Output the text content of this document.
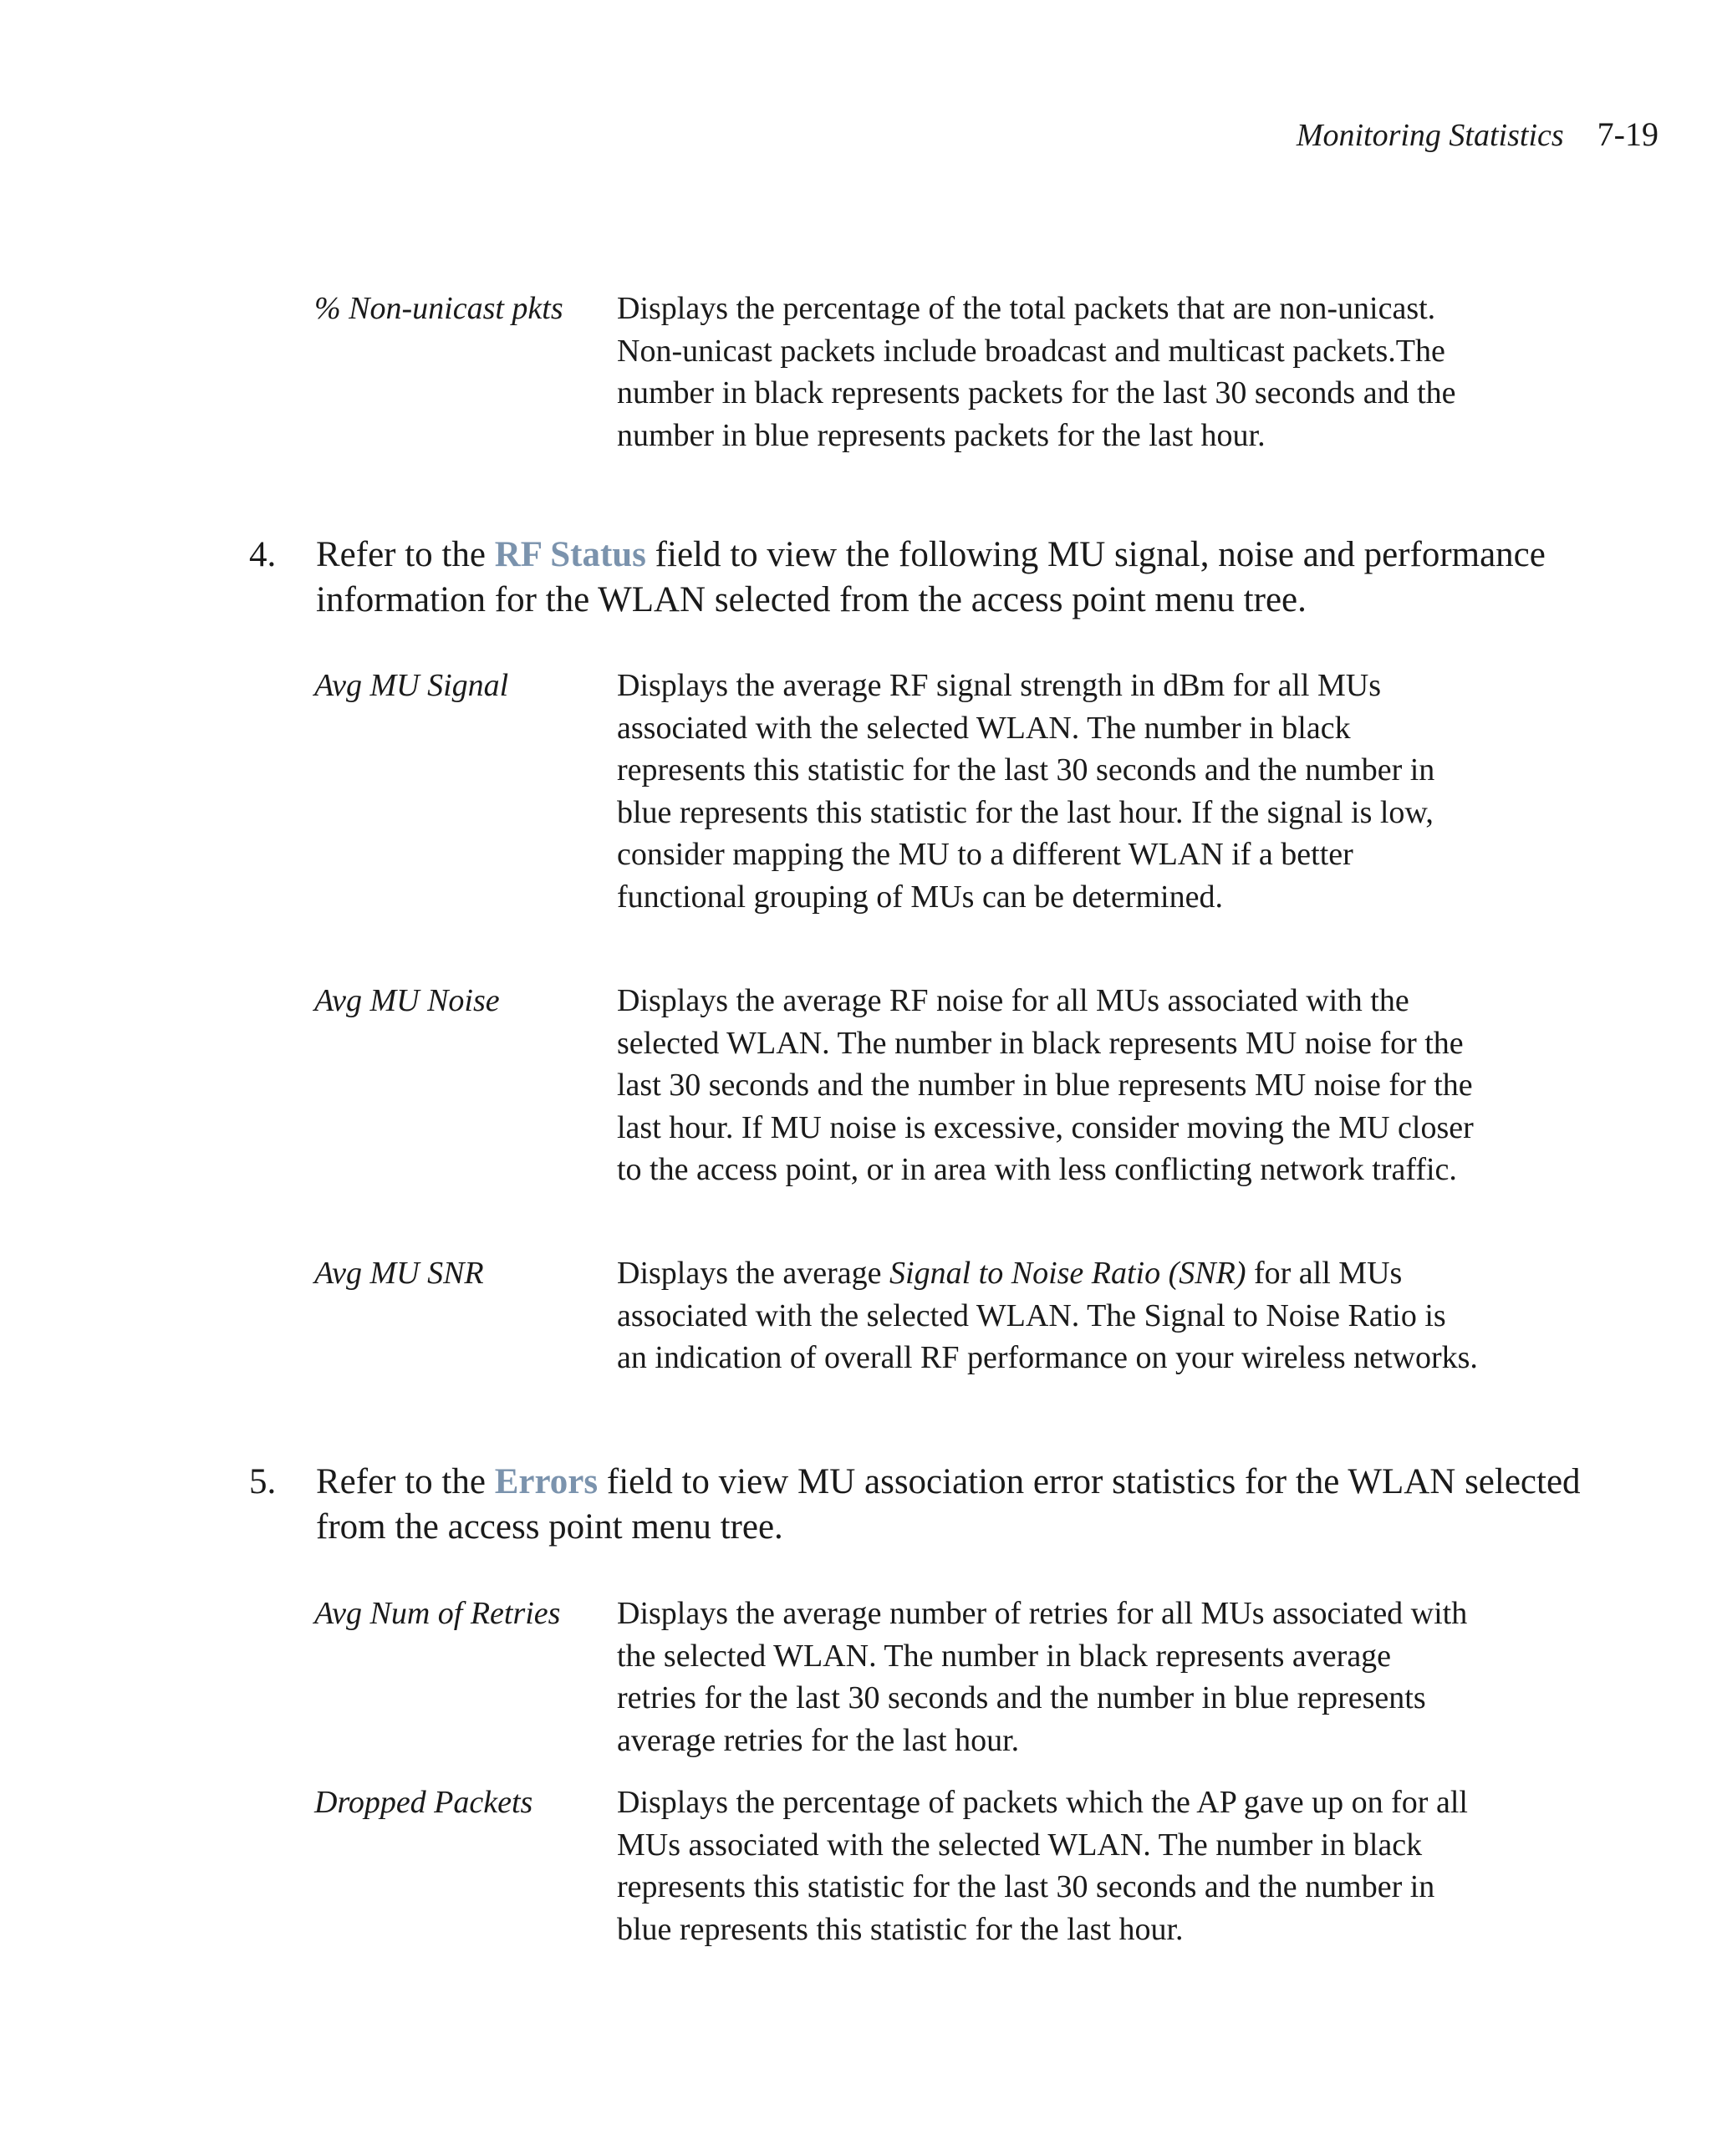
Monitoring Statistics 7-19
% Non-unicast pkts	Displays the percentage of the total packets that are non-unicast. Non-unicast packets include broadcast and multicast packets.The number in black represents packets for the last 30 seconds and the number in blue represents packets for the last hour.
4. Refer to the RF Status field to view the following MU signal, noise and performance information for the WLAN selected from the access point menu tree.
Avg MU Signal	Displays the average RF signal strength in dBm for all MUs associated with the selected WLAN. The number in black represents this statistic for the last 30 seconds and the number in blue represents this statistic for the last hour. If the signal is low, consider mapping the MU to a different WLAN if a better functional grouping of MUs can be determined.
Avg MU Noise	Displays the average RF noise for all MUs associated with the selected WLAN. The number in black represents MU noise for the last 30 seconds and the number in blue represents MU noise for the last hour. If MU noise is excessive, consider moving the MU closer to the access point, or in area with less conflicting network traffic.
Avg MU SNR	Displays the average Signal to Noise Ratio (SNR) for all MUs associated with the selected WLAN. The Signal to Noise Ratio is an indication of overall RF performance on your wireless networks.
5. Refer to the Errors field to view MU association error statistics for the WLAN selected from the access point menu tree.
Avg Num of Retries	Displays the average number of retries for all MUs associated with the selected WLAN. The number in black represents average retries for the last 30 seconds and the number in blue represents average retries for the last hour.
Dropped Packets	Displays the percentage of packets which the AP gave up on for all MUs associated with the selected WLAN. The number in black represents this statistic for the last 30 seconds and the number in blue represents this statistic for the last hour.
